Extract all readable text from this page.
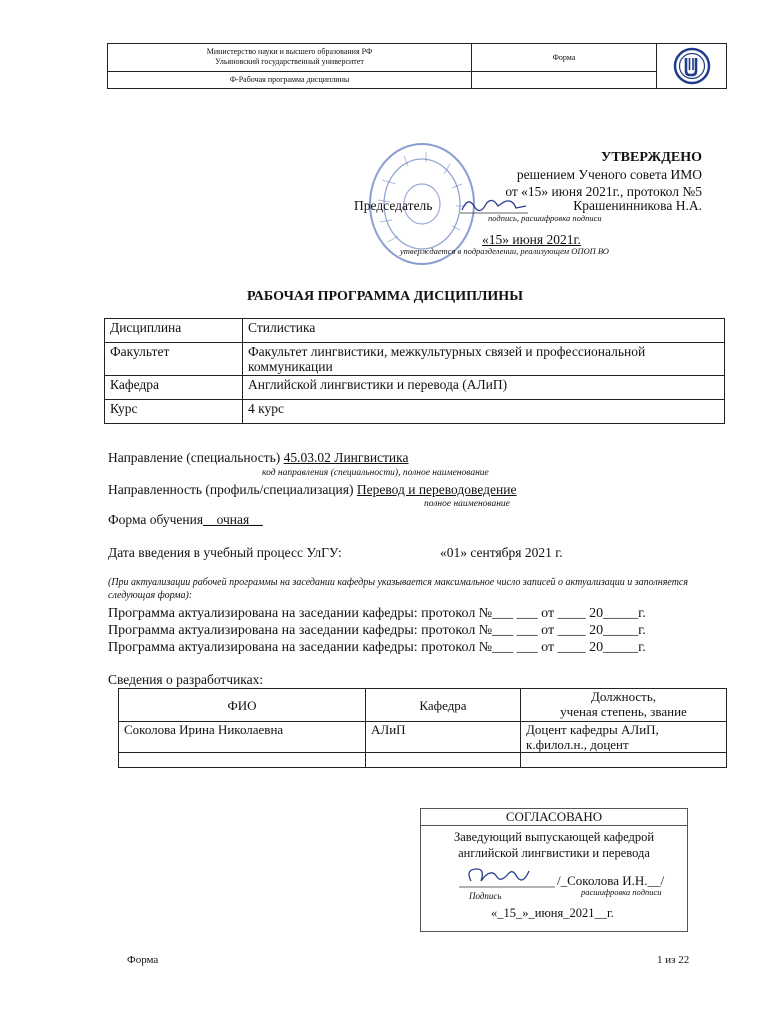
Министерство науки и высшего образования РФ
Ульяновский государственный университет
Ф-Рабочая программа дисциплины
Форма
УТВЕРЖДЕНО
решением Ученого совета ИМО
от «15» июня 2021г., протокол №5
Председатель	Крашенинникова Н.А.
подпись, расшифровка подписи
«15» июня 2021г.
утверждается в подразделении, реализующем ОПОП ВО
РАБОЧАЯ ПРОГРАММА ДИСЦИПЛИНЫ
Дисциплина	Стилистика
Факультет	Факультет лингвистики, межкультурных связей и профессиональной коммуникации
Кафедра	Английской лингвистики и перевода (АЛиП)
Курс	4 курс
Направление (специальность) 45.03.02 Лингвистика
код направления (специальности), полное наименование
Направленность (профиль/специализация) Перевод и переводоведение
полное наименование
Форма обучения__очная__
Дата введения в учебный процесс УлГУ:	«01» сентября 2021 г.
(При актуализации рабочей программы на заседании кафедры указывается максимальное число записей о актуализации и заполняется следующая форма):
Программа актуализирована на заседании кафедры: протокол №___ ___ от ____ 20_____г.
Программа актуализирована на заседании кафедры: протокол №___ ___ от ____ 20_____г.
Программа актуализирована на заседании кафедры: протокол №___ ___ от ____ 20_____г.
Сведения о разработчиках:
ФИО	Кафедра	Должность,
ученая степень, звание
Соколова Ирина Николаевна	АЛиП	Доцент кафедры АЛиП,
к.филол.н., доцент

СОГЛАСОВАНО
Заведующий выпускающей кафедрой
английской лингвистики и перевода
/_Соколова И.Н.__/
Подпись	расшифровка подписи
«_15_»_июня_2021__г.
Форма	1 из 22
